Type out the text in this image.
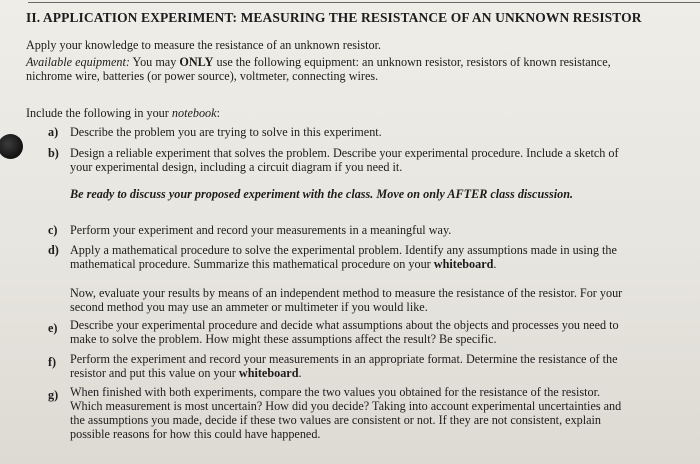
II. APPLICATION EXPERIMENT: MEASURING THE RESISTANCE OF AN UNKNOWN RESISTOR
Apply your knowledge to measure the resistance of an unknown resistor.
Available equipment: You may ONLY use the following equipment: an unknown resistor, resistors of known resistance,
nichrome wire, batteries (or power source), voltmeter, connecting wires.
Include the following in your notebook:
a) Describe the problem you are trying to solve in this experiment.
b) Design a reliable experiment that solves the problem. Describe your experimental procedure. Include a sketch of
your experimental design, including a circuit diagram if you need it.
Be ready to discuss your proposed experiment with the class. Move on only AFTER class discussion.
c) Perform your experiment and record your measurements in a meaningful way.
d) Apply a mathematical procedure to solve the experimental problem. Identify any assumptions made in using the
mathematical procedure. Summarize this mathematical procedure on your whiteboard.
Now, evaluate your results by means of an independent method to measure the resistance of the resistor. For your
second method you may use an ammeter or multimeter if you would like.
e) Describe your experimental procedure and decide what assumptions about the objects and processes you need to
make to solve the problem. How might these assumptions affect the result? Be specific.
f) Perform the experiment and record your measurements in an appropriate format. Determine the resistance of the
resistor and put this value on your whiteboard.
g) When finished with both experiments, compare the two values you obtained for the resistance of the resistor.
Which measurement is most uncertain? How did you decide? Taking into account experimental uncertainties and
the assumptions you made, decide if these two values are consistent or not. If they are not consistent, explain
possible reasons for how this could have happened.
